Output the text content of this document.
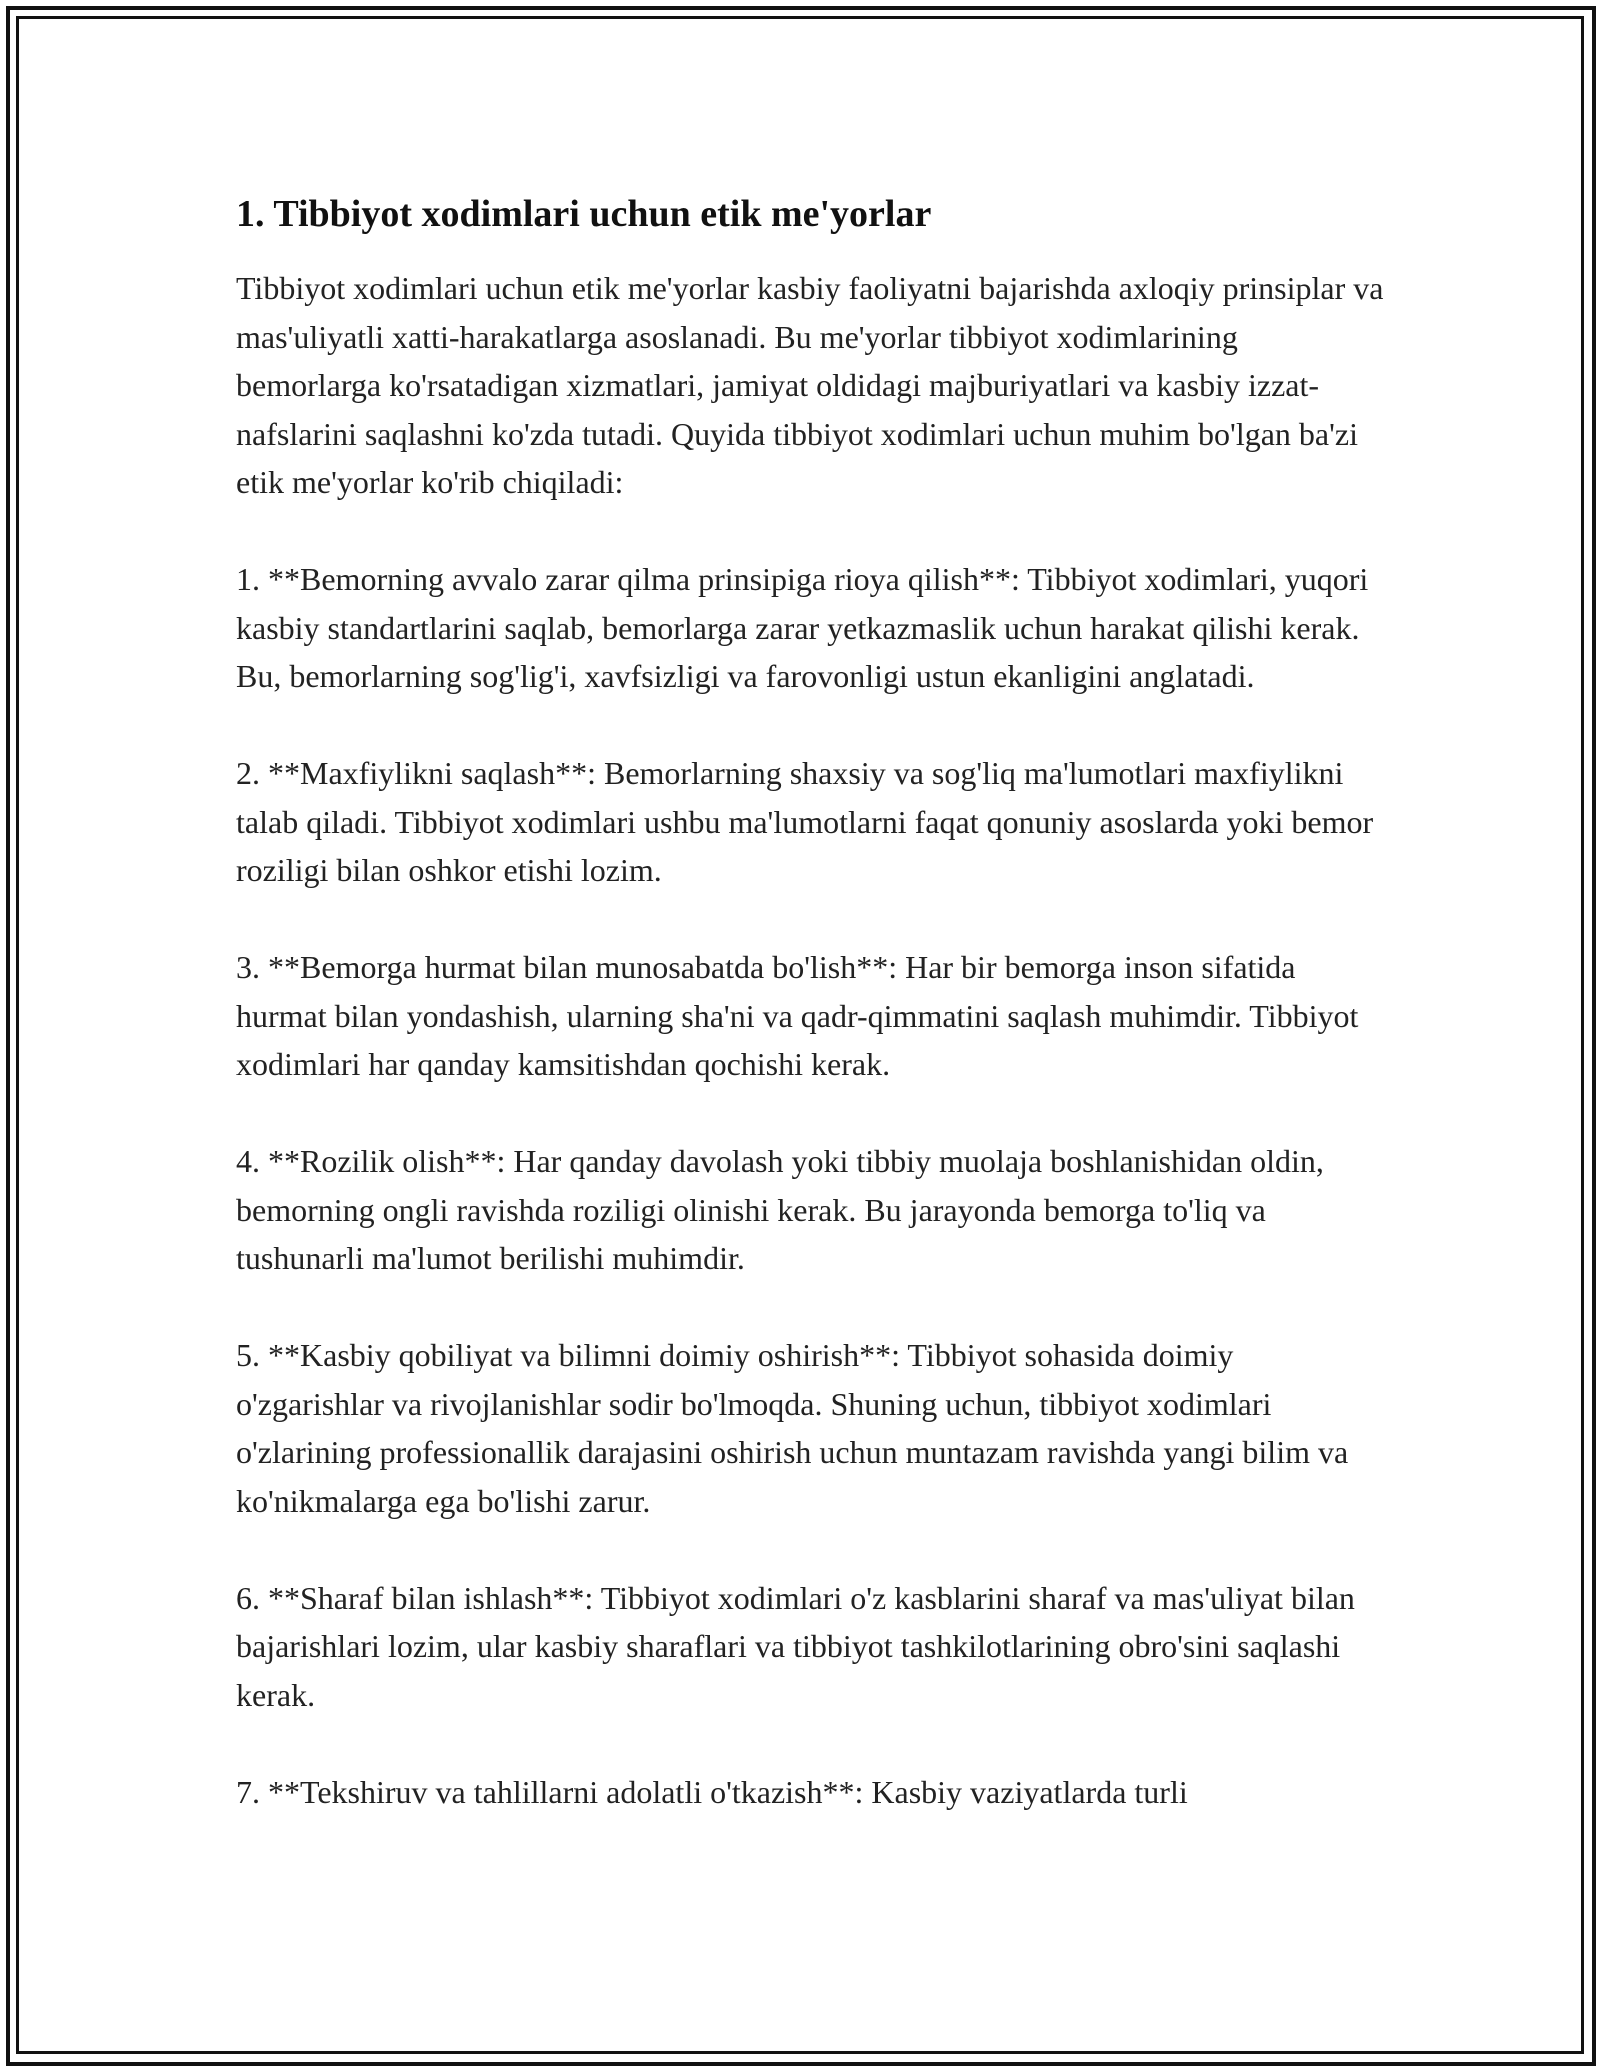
1. Tibbiyot xodimlari uchun etik me'yorlar

Tibbiyot xodimlari uchun etik me'yorlar kasbiy faoliyatni bajarishda axloqiy prinsiplar va mas'uliyatli xatti-harakatlarga asoslanadi. Bu me'yorlar tibbiyot xodimlarining bemorlarga ko'rsatadigan xizmatlari, jamiyat oldidagi majburiyatlari va kasbiy izzat-nafslarini saqlashni ko'zda tutadi. Quyida tibbiyot xodimlari uchun muhim bo'lgan ba'zi etik me'yorlar ko'rib chiqiladi:

1. **Bemorning avvalo zarar qilma prinsipiga rioya qilish**: Tibbiyot xodimlari, yuqori kasbiy standartlarini saqlab, bemorlarga zarar yetkazmaslik uchun harakat qilishi kerak. Bu, bemorlarning sog'lig'i, xavfsizligi va farovonligi ustun ekanligini anglatadi.

2. **Maxfiylikni saqlash**: Bemorlarning shaxsiy va sog'liq ma'lumotlari maxfiylikni talab qiladi. Tibbiyot xodimlari ushbu ma'lumotlarni faqat qonuniy asoslarda yoki bemor roziligi bilan oshkor etishi lozim.

3. **Bemorga hurmat bilan munosabatda bo'lish**: Har bir bemorga inson sifatida hurmat bilan yondashish, ularning sha'ni va qadr-qimmatini saqlash muhimdir. Tibbiyot xodimlari har qanday kamsitishdan qochishi kerak.

4. **Rozilik olish**: Har qanday davolash yoki tibbiy muolaja boshlanishidan oldin, bemorning ongli ravishda roziligi olinishi kerak. Bu jarayonda bemorga to'liq va tushunarli ma'lumot berilishi muhimdir.

5. **Kasbiy qobiliyat va bilimni doimiy oshirish**: Tibbiyot sohasida doimiy o'zgarishlar va rivojlanishlar sodir bo'lmoqda. Shuning uchun, tibbiyot xodimlari o'zlarining professionallik darajasini oshirish uchun muntazam ravishda yangi bilim va ko'nikmalarga ega bo'lishi zarur.

6. **Sharaf bilan ishlash**: Tibbiyot xodimlari o'z kasblarini sharaf va mas'uliyat bilan bajarishlari lozim, ular kasbiy sharaflari va tibbiyot tashkilotlarining obro'sini saqlashi kerak.

7. **Tekshiruv va tahlillarni adolatli o'tkazish**: Kasbiy vaziyatlarda turli
